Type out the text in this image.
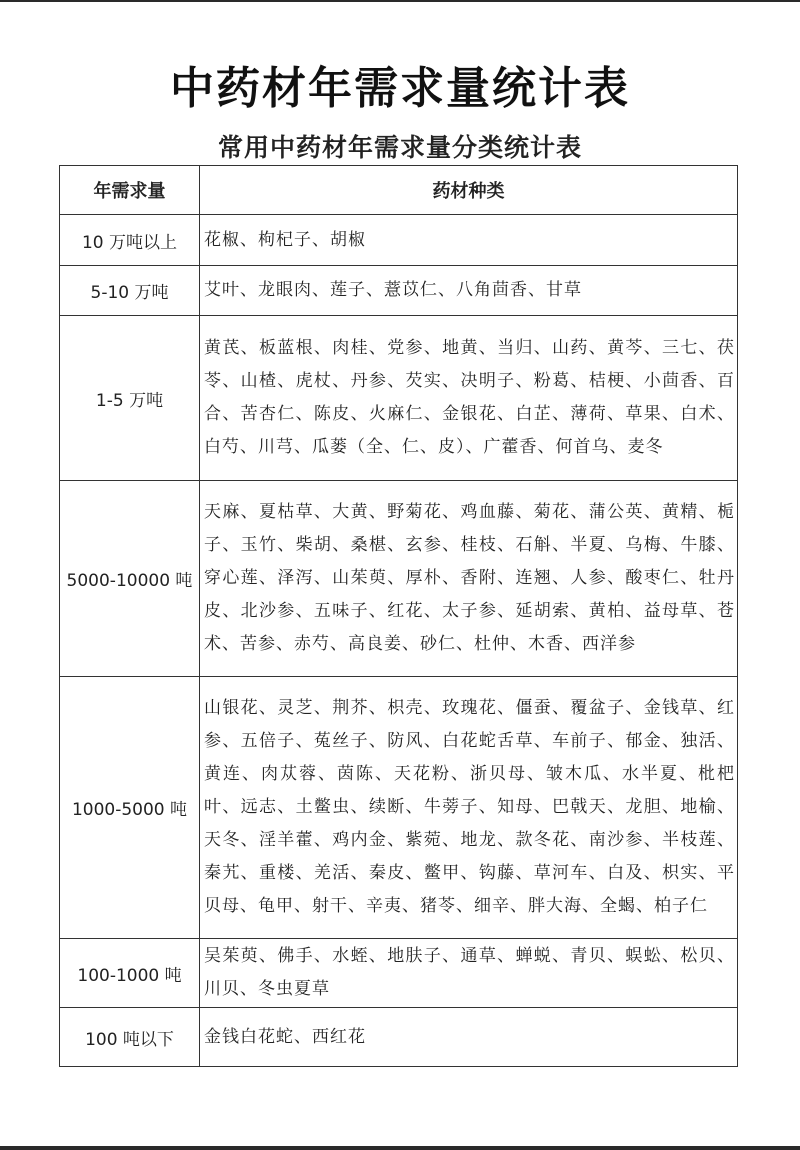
中药材年需求量统计表
常用中药材年需求量分类统计表
年需求量	药材种类
10 万吨以上	花椒、枸杞子、胡椒
5-10 万吨	艾叶、龙眼肉、莲子、薏苡仁、八角茴香、甘草
1-5 万吨	黄芪、板蓝根、肉桂、党参、地黄、当归、山药、黄芩、三七、茯苓、山楂、虎杖、丹参、芡实、决明子、粉葛、桔梗、小茴香、百合、苦杏仁、陈皮、火麻仁、金银花、白芷、薄荷、草果、白术、白芍、川芎、瓜蒌（全、仁、皮）、广藿香、何首乌、麦冬
5000-10000 吨	天麻、夏枯草、大黄、野菊花、鸡血藤、菊花、蒲公英、黄精、栀子、玉竹、柴胡、桑椹、玄参、桂枝、石斛、半夏、乌梅、牛膝、穿心莲、泽泻、山茱萸、厚朴、香附、连翘、人参、酸枣仁、牡丹皮、北沙参、五味子、红花、太子参、延胡索、黄柏、益母草、苍术、苦参、赤芍、高良姜、砂仁、杜仲、木香、西洋参
1000-5000 吨	山银花、灵芝、荆芥、枳壳、玫瑰花、僵蚕、覆盆子、金钱草、红参、五倍子、菟丝子、防风、白花蛇舌草、车前子、郁金、独活、黄连、肉苁蓉、茵陈、天花粉、浙贝母、皱木瓜、水半夏、枇杷叶、远志、土鳖虫、续断、牛蒡子、知母、巴戟天、龙胆、地榆、天冬、淫羊藿、鸡内金、紫菀、地龙、款冬花、南沙参、半枝莲、秦艽、重楼、羌活、秦皮、鳖甲、钩藤、草河车、白及、枳实、平贝母、龟甲、射干、辛夷、猪苓、细辛、胖大海、全蝎、柏子仁
100-1000 吨	吴茱萸、佛手、水蛭、地肤子、通草、蝉蜕、青贝、蜈蚣、松贝、川贝、冬虫夏草
100 吨以下	金钱白花蛇、西红花
